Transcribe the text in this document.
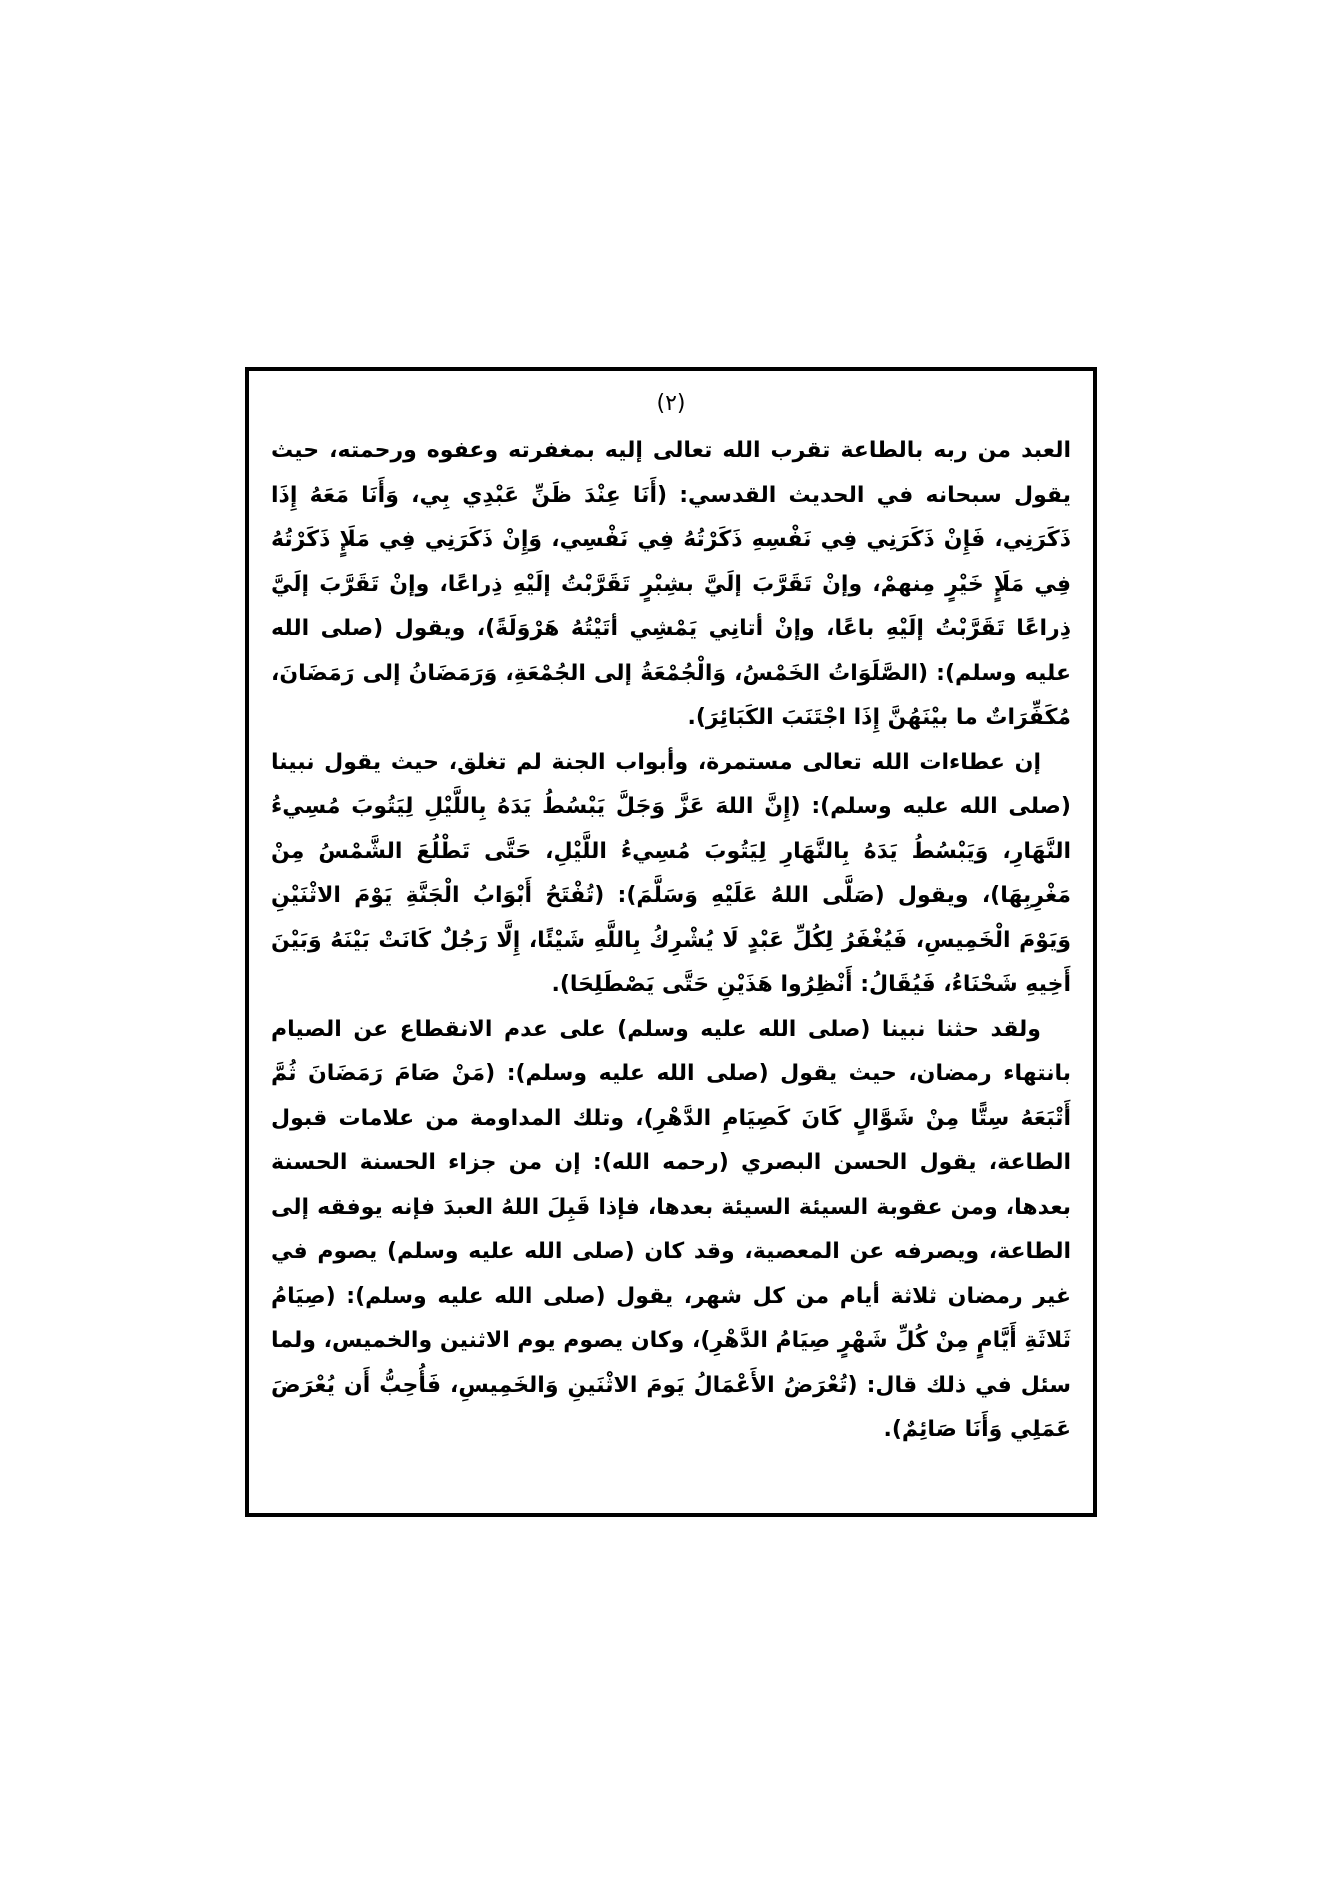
(٢)

العبد من ربه بالطاعة تقرب الله تعالى إليه بمغفرته وعفوه ورحمته، حيث يقول سبحانه في الحديث القدسي: (أَنَا عِنْدَ ظَنِّ عَبْدِي بِي، وَأَنَا مَعَهُ إِذَا ذَكَرَنِي، فَإِنْ ذَكَرَنِي فِي نَفْسِهِ ذَكَرْتُهُ فِي نَفْسِي، وَإِنْ ذَكَرَنِي فِي مَلَإٍ ذَكَرْتُهُ فِي مَلَإٍ خَيْرٍ مِنهمْ، وإنْ تَقَرَّبَ إلَيَّ بشِبْرٍ تَقَرَّبْتُ إلَيْهِ ذِراعًا، وإنْ تَقَرَّبَ إلَيَّ ذِراعًا تَقَرَّبْتُ إلَيْهِ باعًا، وإنْ أتانِي يَمْشِي أتَيْتُهُ هَرْوَلَةً)، ويقول (صلى الله عليه وسلم): (الصَّلَوَاتُ الخَمْسُ، وَالْجُمْعَةُ إلى الجُمْعَةِ، وَرَمَضَانُ إلى رَمَضَانَ، مُكَفِّرَاتٌ ما بيْنَهُنَّ إِذَا اجْتَنَبَ الكَبَائِرَ).

إن عطاءات الله تعالى مستمرة، وأبواب الجنة لم تغلق، حيث يقول نبينا (صلى الله عليه وسلم): (إِنَّ اللهَ عَزَّ وَجَلَّ يَبْسُطُ يَدَهُ بِاللَّيْلِ لِيَتُوبَ مُسِيءُ النَّهَارِ، وَيَبْسُطُ يَدَهُ بِالنَّهَارِ لِيَتُوبَ مُسِيءُ اللَّيْلِ، حَتَّى تَطْلُعَ الشَّمْسُ مِنْ مَغْرِبِهَا)، ويقول (صَلَّى اللهُ عَلَيْهِ وَسَلَّمَ): (تُفْتَحُ أَبْوَابُ الْجَنَّةِ يَوْمَ الاثْنَيْنِ وَيَوْمَ الْخَمِيسِ، فَيُغْفَرُ لِكُلِّ عَبْدٍ لَا يُشْرِكُ بِاللَّهِ شَيْئًا، إِلَّا رَجُلٌ كَانَتْ بَيْنَهُ وَبَيْنَ أَخِيهِ شَحْنَاءُ، فَيُقَالُ: أَنْظِرُوا هَذَيْنِ حَتَّى يَصْطَلِحَا).

ولقد حثنا نبينا (صلى الله عليه وسلم) على عدم الانقطاع عن الصيام بانتهاء رمضان، حيث يقول (صلى الله عليه وسلم): (مَنْ صَامَ رَمَضَانَ ثُمَّ أَتْبَعَهُ سِتًّا مِنْ شَوَّالٍ كَانَ كَصِيَامِ الدَّهْرِ)، وتلك المداومة من علامات قبول الطاعة، يقول الحسن البصري (رحمه الله): إن من جزاء الحسنة الحسنة بعدها، ومن عقوبة السيئة السيئة بعدها، فإذا قَبِلَ اللهُ العبدَ فإنه يوفقه إلى الطاعة، ويصرفه عن المعصية، وقد كان (صلى الله عليه وسلم) يصوم في غير رمضان ثلاثة أيام من كل شهر، يقول (صلى الله عليه وسلم): (صِيَامُ ثَلاثَةِ أَيَّامٍ مِنْ كُلِّ شَهْرٍ صِيَامُ الدَّهْرِ)، وكان يصوم يوم الاثنين والخميس، ولما سئل في ذلك قال: (تُعْرَضُ الأَعْمَالُ يَومَ الاثْنَينِ وَالخَمِيسِ، فَأُحِبُّ أَن يُعْرَضَ عَمَلِي وَأَنَا صَائِمٌ).
